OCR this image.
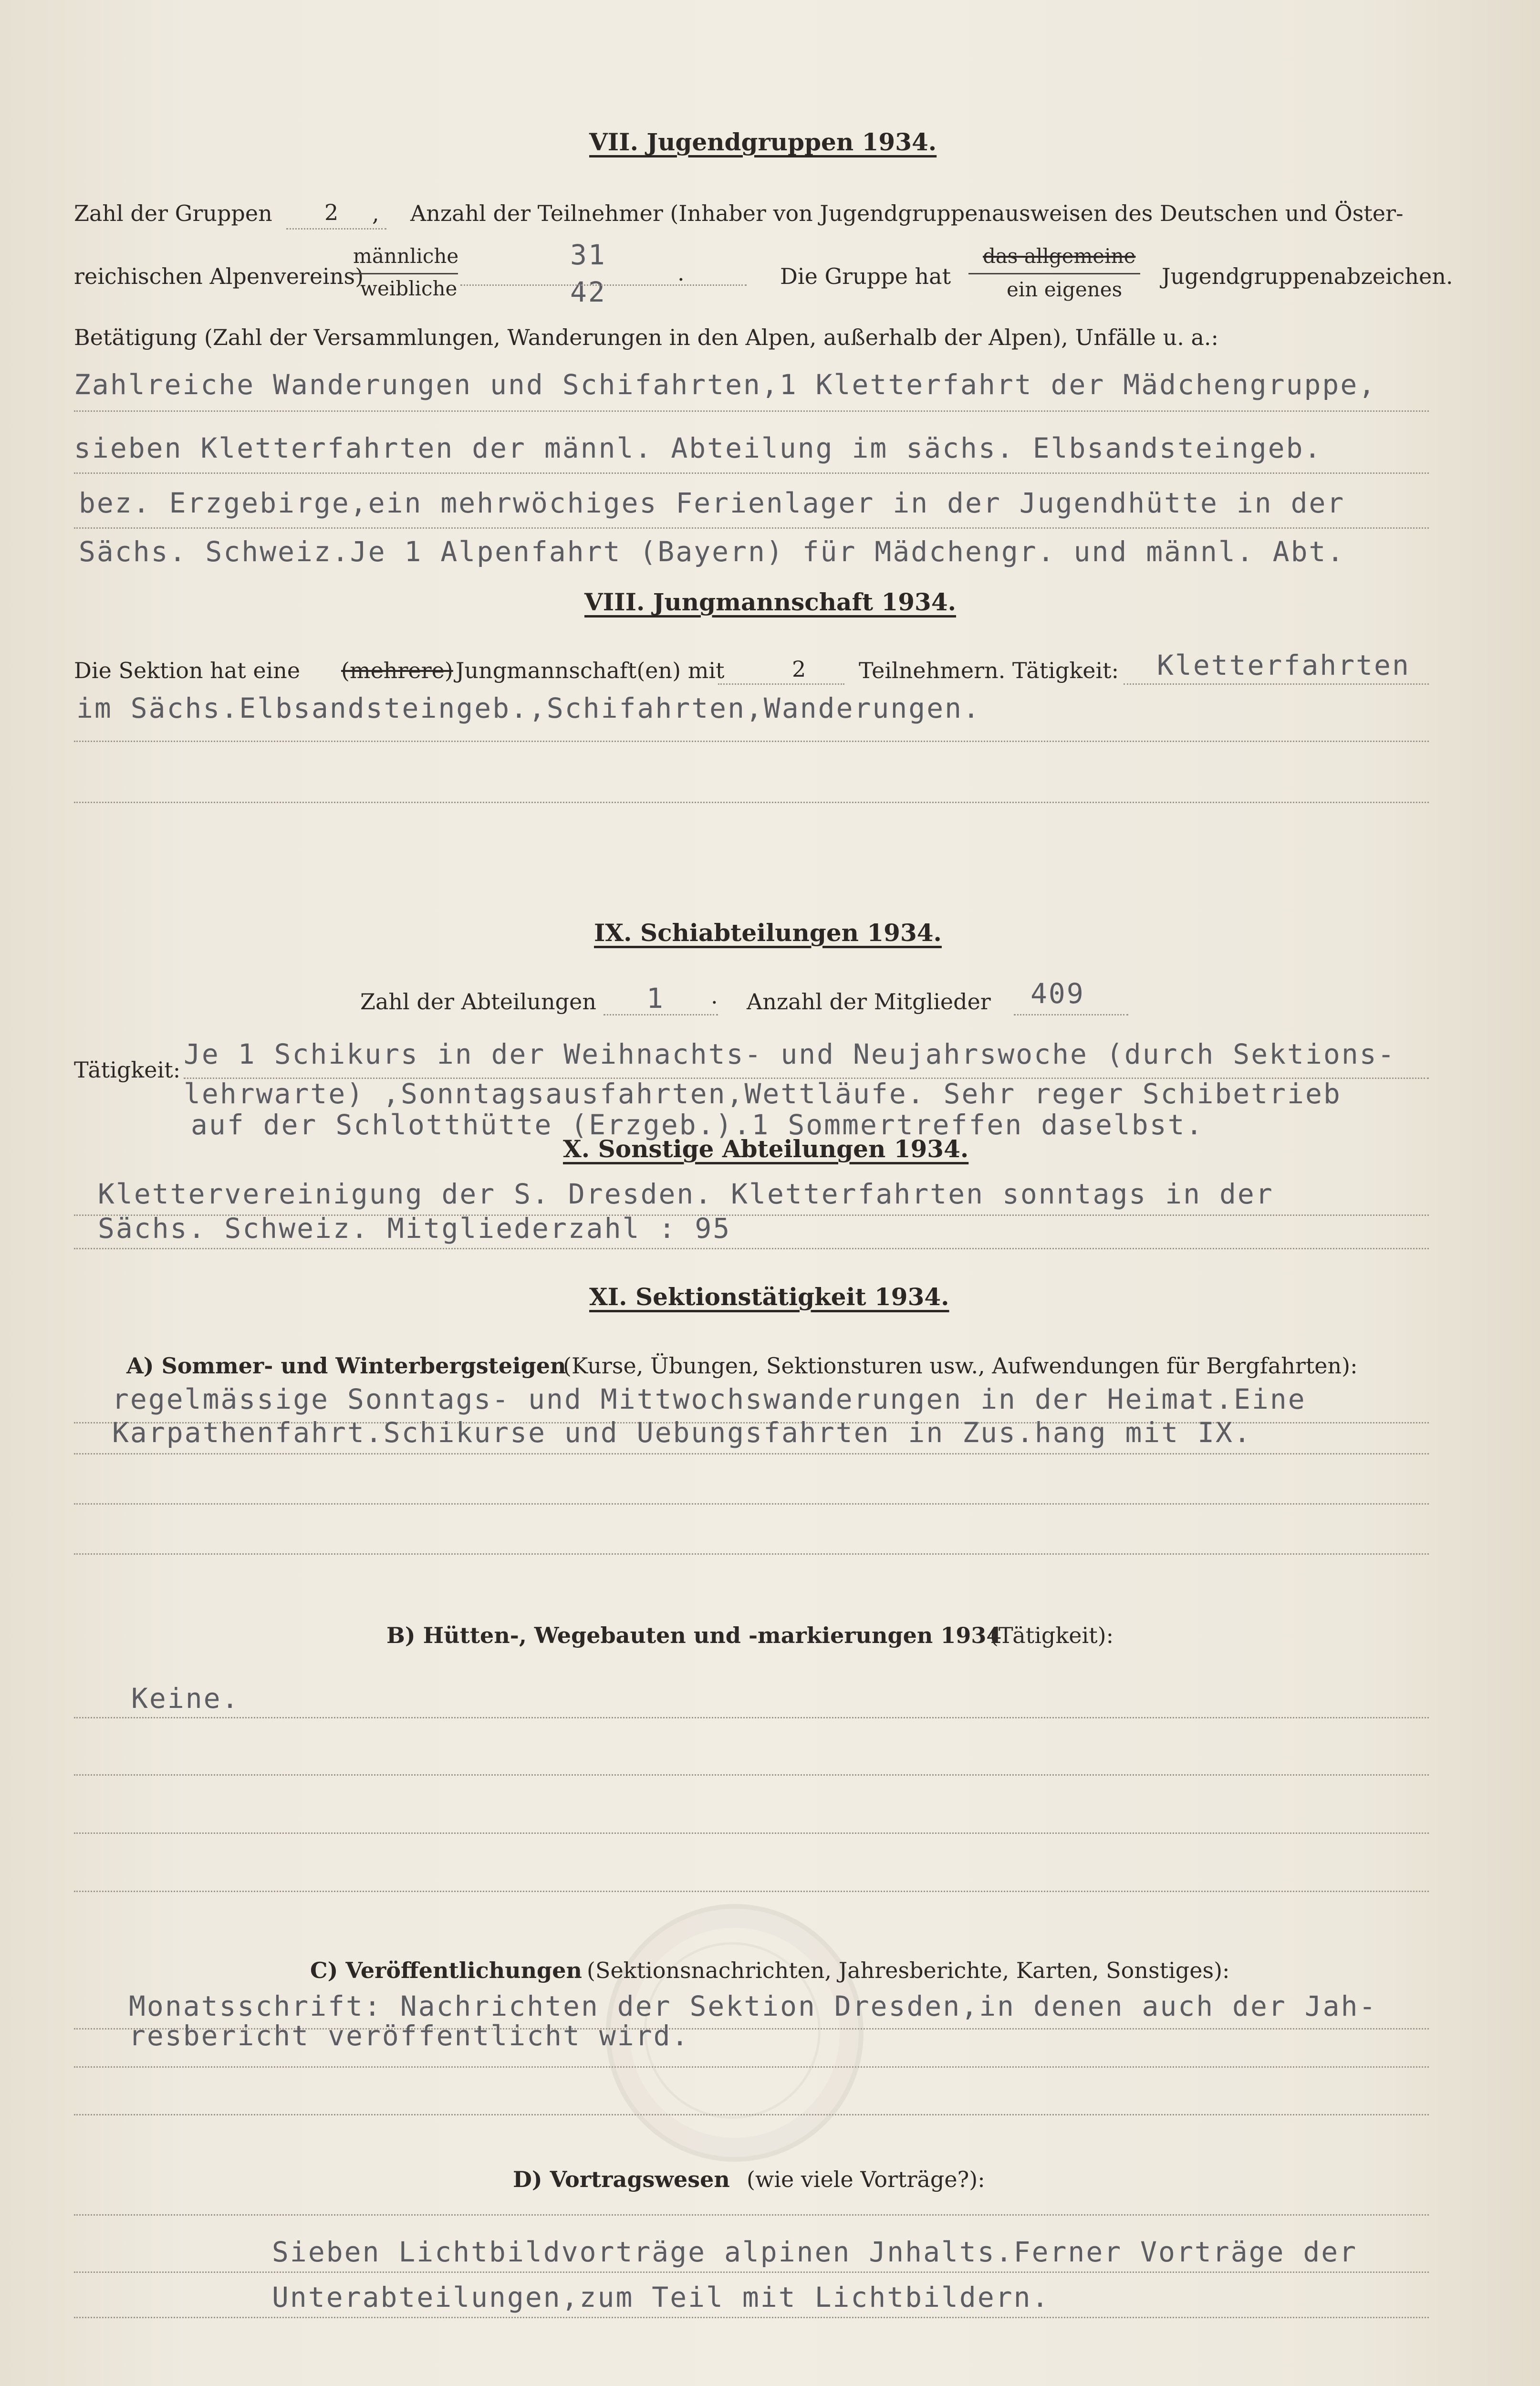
VII. Jugendgruppen 1934.
Zahl der Gruppen 2 , Anzahl der Teilnehmer (Inhaber von Jugendgruppenausweisen des Deutschen und Öster-
reichischen Alpenvereins)
männliche
weibliche
31
42
.	Die Gruppe hat
das allgemeine
ein eigenes
Jugendgruppenabzeichen.
Betätigung (Zahl der Versammlungen, Wanderungen in den Alpen, außerhalb der Alpen), Unfälle u. a.:
Zahlreiche Wanderungen und Schifahrten,1 Kletterfahrt der Mädchengruppe,
sieben Kletterfahrten der männl. Abteilung im sächs. Elbsandsteingeb.
bez. Erzgebirge,ein mehrwöchiges Ferienlager in der Jugendhütte in der
Sächs. Schweiz.Je 1 Alpenfahrt (Bayern) für Mädchengr. und männl. Abt.
VIII. Jungmannschaft 1934.
Die Sektion hat eine (mehrere) Jungmannschaft(en) mit	2 Teilnehmern. Tätigkeit: Kletterfahrten
im Sächs.Elbsandsteingeb.,Schifahrten,Wanderungen.
IX. Schiabteilungen 1934.
Zahl der Abteilungen 1 . Anzahl der Mitglieder 409
Tätigkeit: Je 1 Schikurs in der Weihnachts- und Neujahrswoche (durch Sektions-
lehrwarte) ,Sonntagsausfahrten,Wettläufe. Sehr reger Schibetrieb
auf der Schlotthütte (Erzgeb.).1 Sommertreffen daselbst.
X. Sonstige Abteilungen 1934.
Klettervereinigung der S. Dresden. Kletterfahrten sonntags in der
Sächs. Schweiz. Mitgliederzahl : 95
XI. Sektionstätigkeit 1934.
A) Sommer- und Winterbergsteigen
(Kurse, Übungen, Sektionsturen usw., Aufwendungen für Bergfahrten):
regelmässige Sonntags- und Mittwochswanderungen in der Heimat.Eine
Karpathenfahrt.Schikurse und Uebungsfahrten in Zus.hang mit IX.
B) Hütten-, Wegebauten und -markierungen 1934
(Tätigkeit):
Keine.
C) Veröffentlichungen (Sektionsnachrichten, Jahresberichte, Karten, Sonstiges):
Monatsschrift: Nachrichten der Sektion Dresden,in denen auch der Jah-
resbericht veröffentlicht wird.
D) Vortragswesen (wie viele Vorträge?):
Sieben Lichtbildvorträge alpinen Jnhalts.Ferner Vorträge der
Unterabteilungen,zum Teil mit Lichtbildern.
